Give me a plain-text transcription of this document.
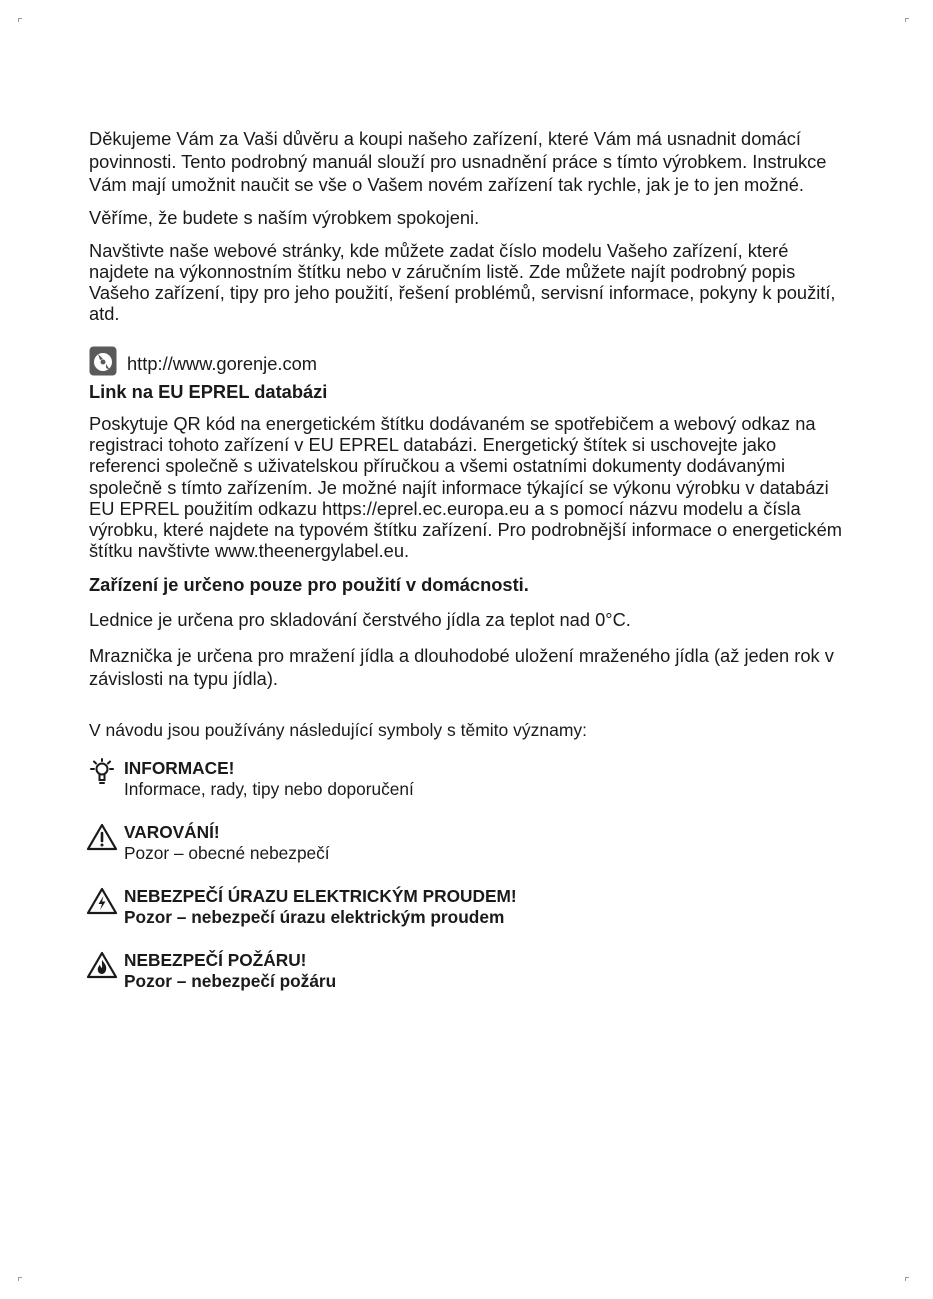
Děkujeme Vám za Vaši důvěru a koupi našeho zařízení, které Vám má usnadnit domácí povinnosti. Tento podrobný manuál slouží pro usnadnění práce s tímto výrobkem. Instrukce Vám mají umožnit naučit se vše o Vašem novém zařízení tak rychle, jak je to jen možné.

Věříme, že budete s naším výrobkem spokojeni.

Navštivte naše webové stránky, kde můžete zadat číslo modelu Vašeho zařízení, které najdete na výkonnostním štítku nebo v záručním listě. Zde můžete najít podrobný popis Vašeho zařízení, tipy pro jeho použití, řešení problémů, servisní informace, pokyny k použití, atd.

http://www.gorenje.com
Link na EU EPREL databázi

Poskytuje QR kód na energetickém štítku dodávaném se spotřebičem a webový odkaz na registraci tohoto zařízení v EU EPREL databázi. Energetický štítek si uschovejte jako referenci společně s uživatelskou příručkou a všemi ostatními dokumenty dodávanými společně s tímto zařízením. Je možné najít informace týkající se výkonu výrobku v databázi EU EPREL použitím odkazu https://eprel.ec.europa.eu a s pomocí názvu modelu a čísla výrobku, které najdete na typovém štítku zařízení. Pro podrobnější informace o energetickém štítku navštivte www.theenergylabel.eu.

Zařízení je určeno pouze pro použití v domácnosti.

Lednice je určena pro skladování čerstvého jídla za teplot nad 0°C.

Mraznička je určena pro mražení jídla a dlouhodobé uložení mraženého jídla (až jeden rok v závislosti na typu jídla).

V návodu jsou používány následující symboly s těmito významy:

INFORMACE!
Informace, rady, tipy nebo doporučení
VAROVÁNÍ!
Pozor – obecné nebezpečí
NEBEZPEČÍ ÚRAZU ELEKTRICKÝM PROUDEM!
Pozor – nebezpečí úrazu elektrickým proudem
NEBEZPEČÍ POŽÁRU!
Pozor – nebezpečí požáru
